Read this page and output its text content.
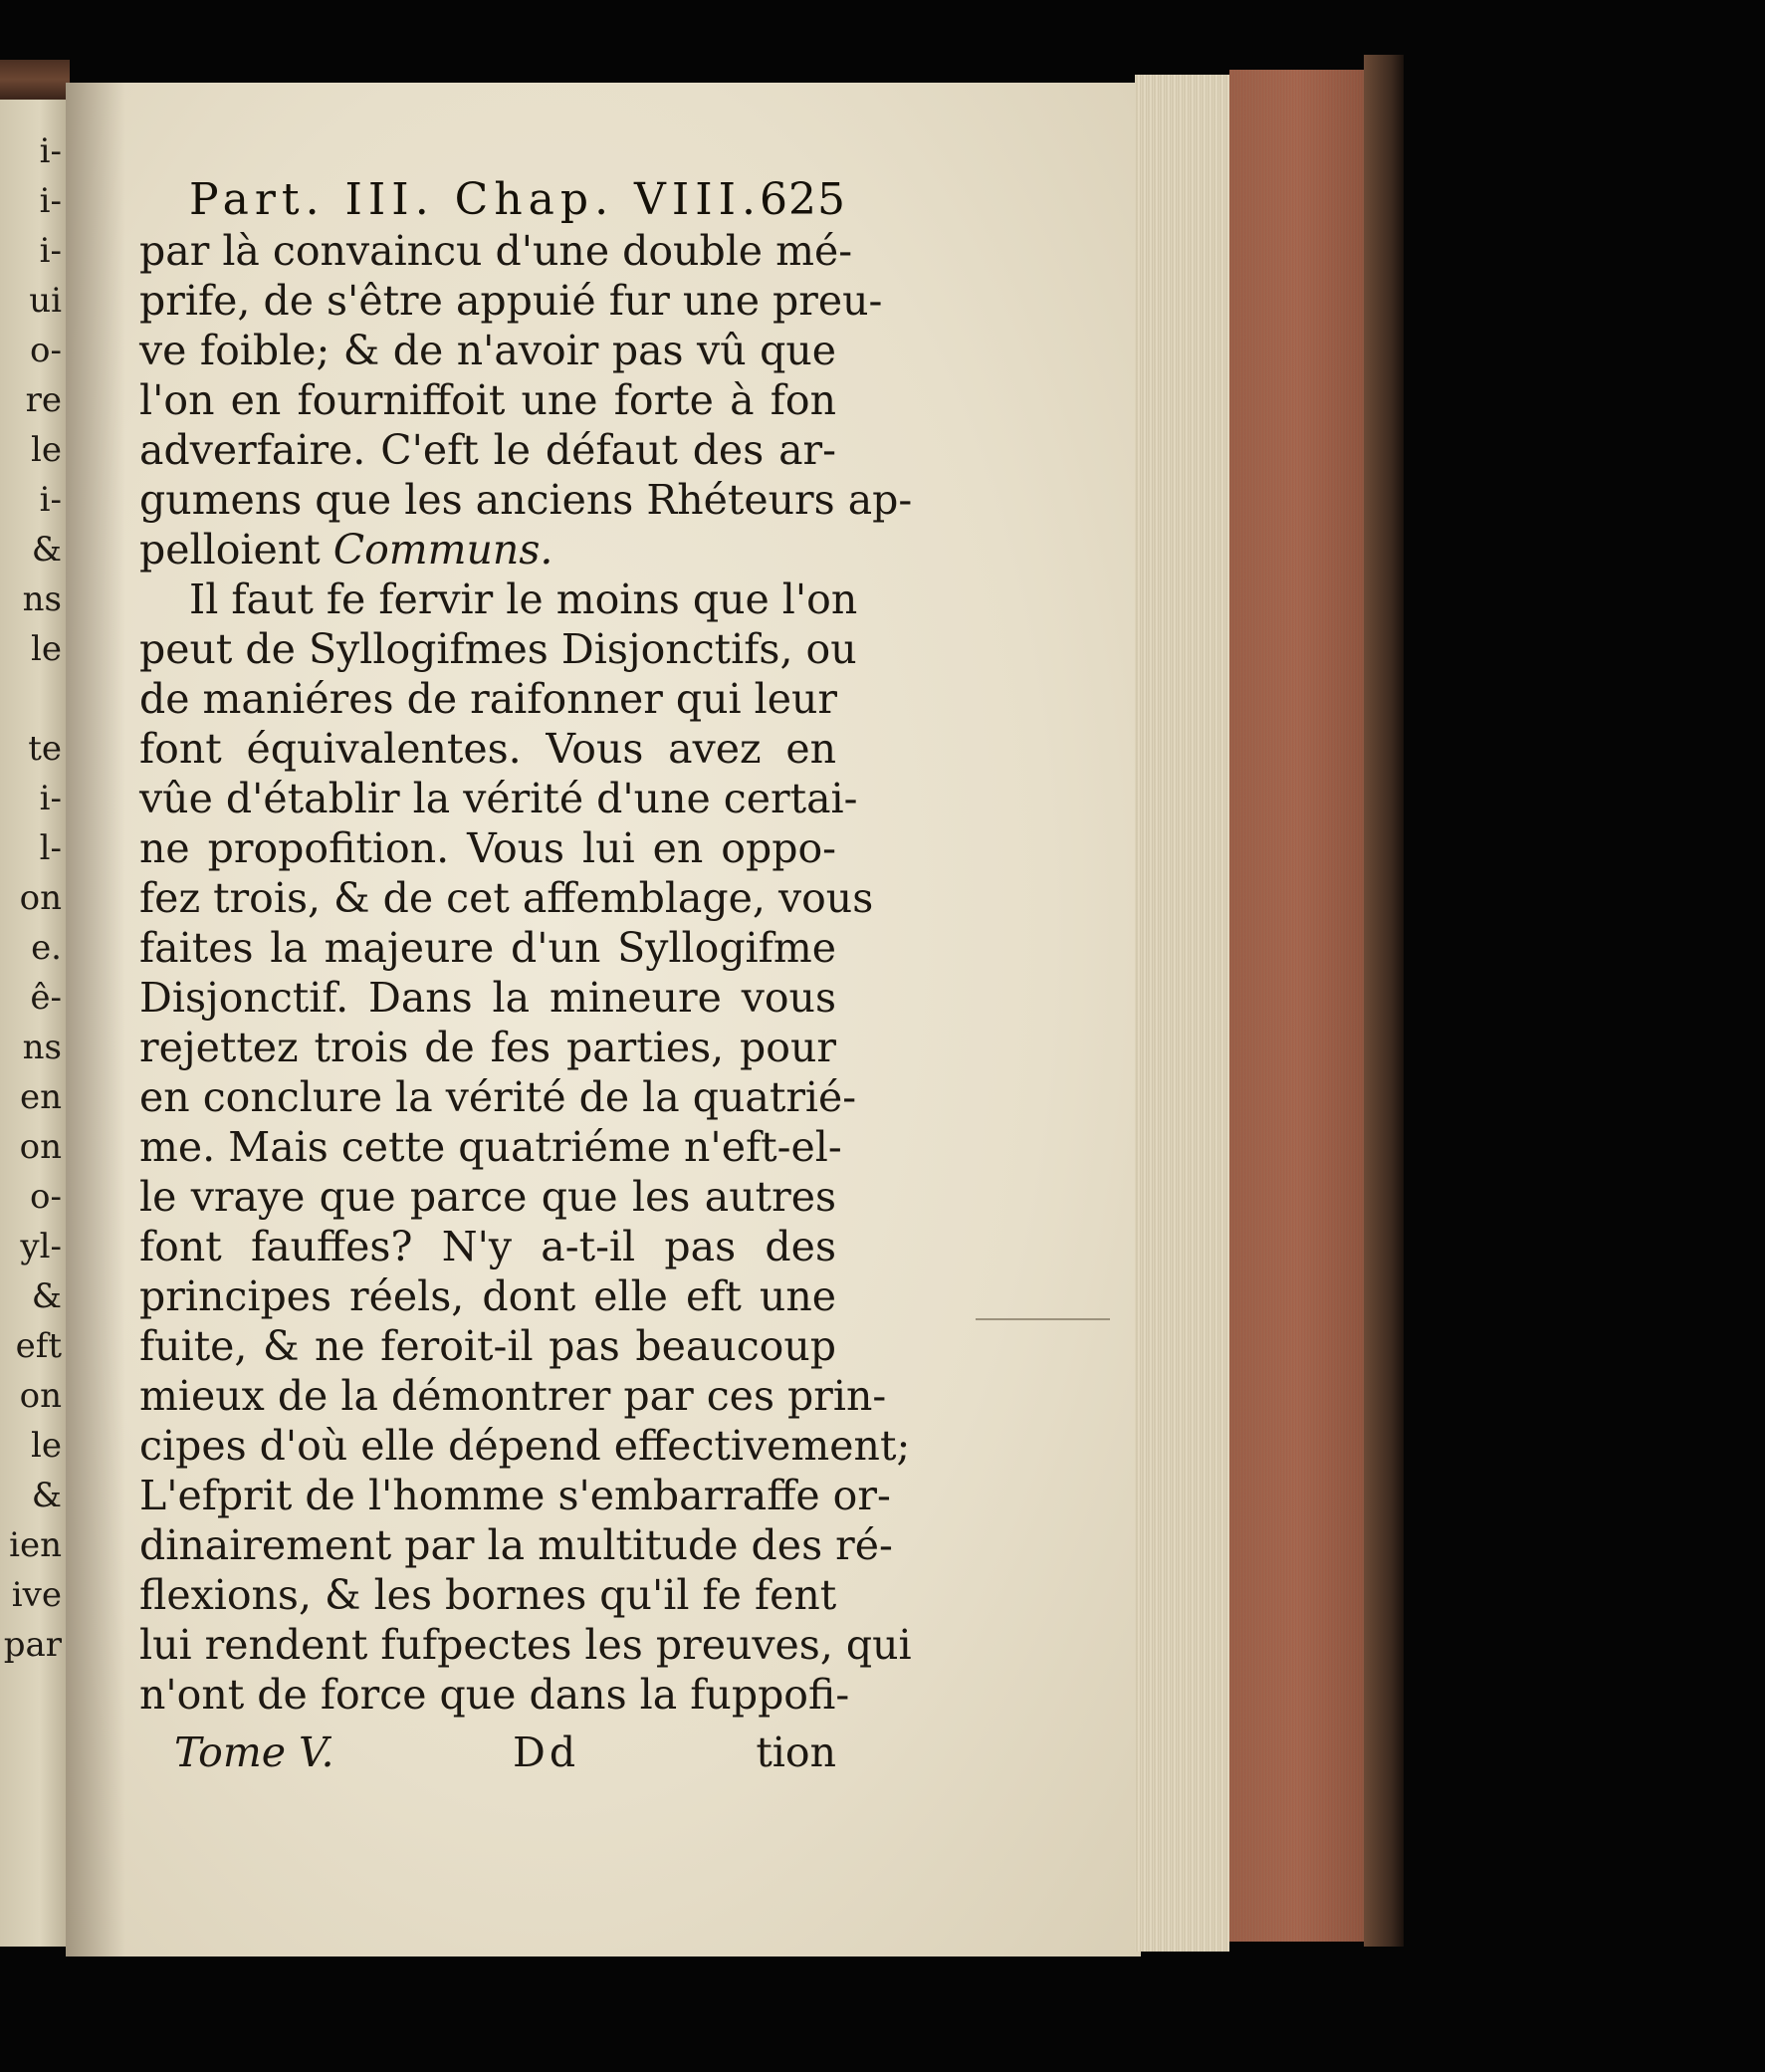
i-
i-
i-
ui
o-
re
le
i-
&
ns
le
te
i-
l-
on
e.
ê-
ns
en
on
o-
yl-
&
eft
on
le
&
ien
ive
par
Part. III. Chap. VIII.
625
par là convaincu d'une double mé-
prife, de s'être appuié fur une preu-
ve foible; & de n'avoir pas vû que
l'on en fourniffoit une forte à fon
adverfaire. C'eft le défaut des ar-
gumens que les anciens Rhéteurs ap-
pelloient Communs.
Il faut fe fervir le moins que l'on
peut de Syllogifmes Disjonctifs, ou
de maniéres de raifonner qui leur
font équivalentes. Vous avez en
vûe d'établir la vérité d'une certai-
ne propofition. Vous lui en oppo-
fez trois, & de cet affemblage, vous
faites la majeure d'un Syllogifme
Disjonctif. Dans la mineure vous
rejettez trois de fes parties, pour
en conclure la vérité de la quatrié-
me. Mais cette quatriéme n'eft-el-
le vraye que parce que les autres
font fauffes? N'y a-t-il pas des
principes réels, dont elle eft une
fuite, & ne feroit-il pas beaucoup
mieux de la démontrer par ces prin-
cipes d'où elle dépend effectivement;
L'efprit de l'homme s'embarraffe or-
dinairement par la multitude des ré-
flexions, & les bornes qu'il fe fent
lui rendent fufpectes les preuves, qui
n'ont de force que dans la fuppofi-
Tome V.	Dd	tion
